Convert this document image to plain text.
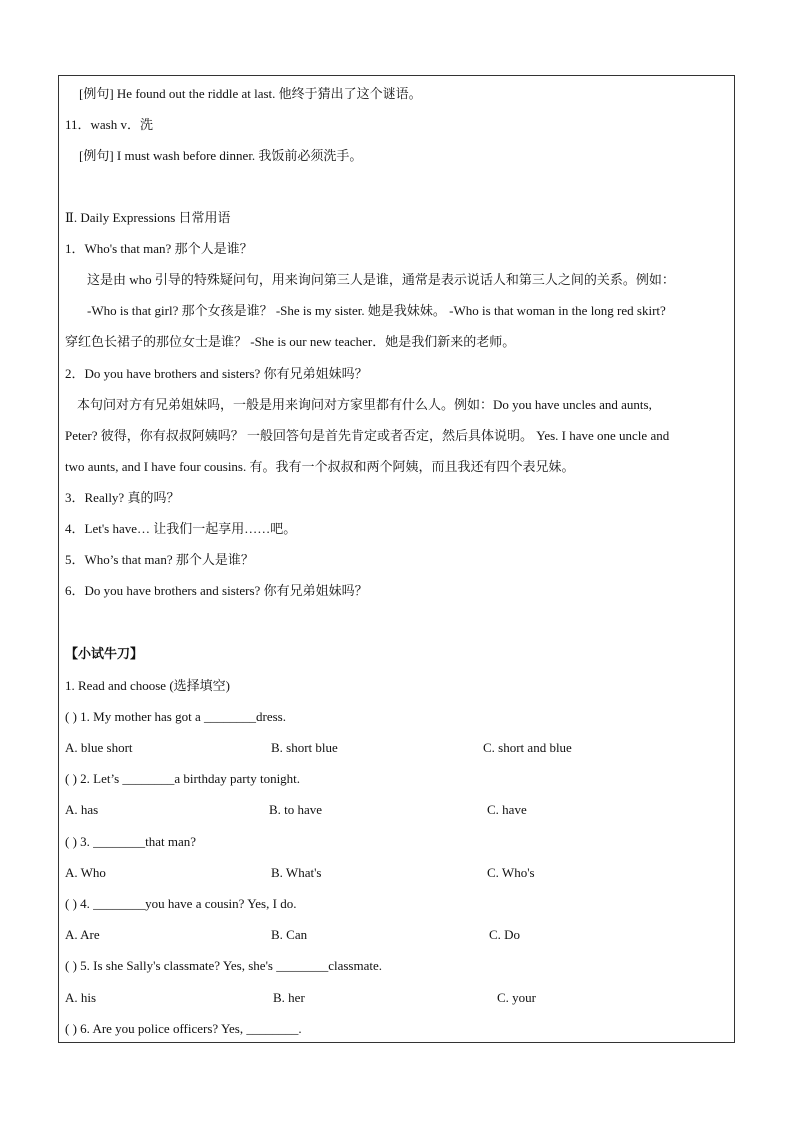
[例句] He found out the riddle at last. 他终于猜出了这个谜语。
11．wash v．洗
[例句] I must wash before dinner. 我饭前必须洗手。
Ⅱ. Daily Expressions 日常用语
1．Who's that man? 那个人是谁？
这是由 who 引导的特殊疑问句，用来询问第三人是谁，通常是表示说话人和第三人之间的关系。例如：
-Who is that girl? 那个女孩是谁？ -She is my sister. 她是我妹妹。 -Who is that woman in the long red skirt?
穿红色长裙子的那位女士是谁？ -She is our new teacher．她是我们新来的老师。
2．Do you have brothers and sisters? 你有兄弟姐妹吗？
本句问对方有兄弟姐妹吗，一般是用来询问对方家里都有什么人。例如：Do you have uncles and aunts,
Peter? 彼得，你有叔叔阿姨吗？ 一般回答句是首先肯定或者否定，然后具体说明。 Yes. I have one uncle and
two aunts, and I have four cousins. 有。我有一个叔叔和两个阿姨，而且我还有四个表兄妹。
3．Really? 真的吗？
4．Let's have… 让我们一起享用……吧。
5．Who’s that man? 那个人是谁？
6．Do you have brothers and sisters? 你有兄弟姐妹吗？
【小试牛刀】
1. Read and choose (选择填空)
( ) 1. My mother has got a ________dress.
A. blue short	B. short blue	C. short and blue
( ) 2. Let’s ________a birthday party tonight.
A. has	B. to have	C. have
( ) 3. ________that man?
A. Who	B. What's	C. Who's
( ) 4. ________you have a cousin? Yes, I do.
A. Are	B. Can	C. Do
( ) 5. Is she Sally's classmate? Yes, she's ________classmate.
A. his	B. her	C. your
( ) 6. Are you police officers? Yes, ________.
